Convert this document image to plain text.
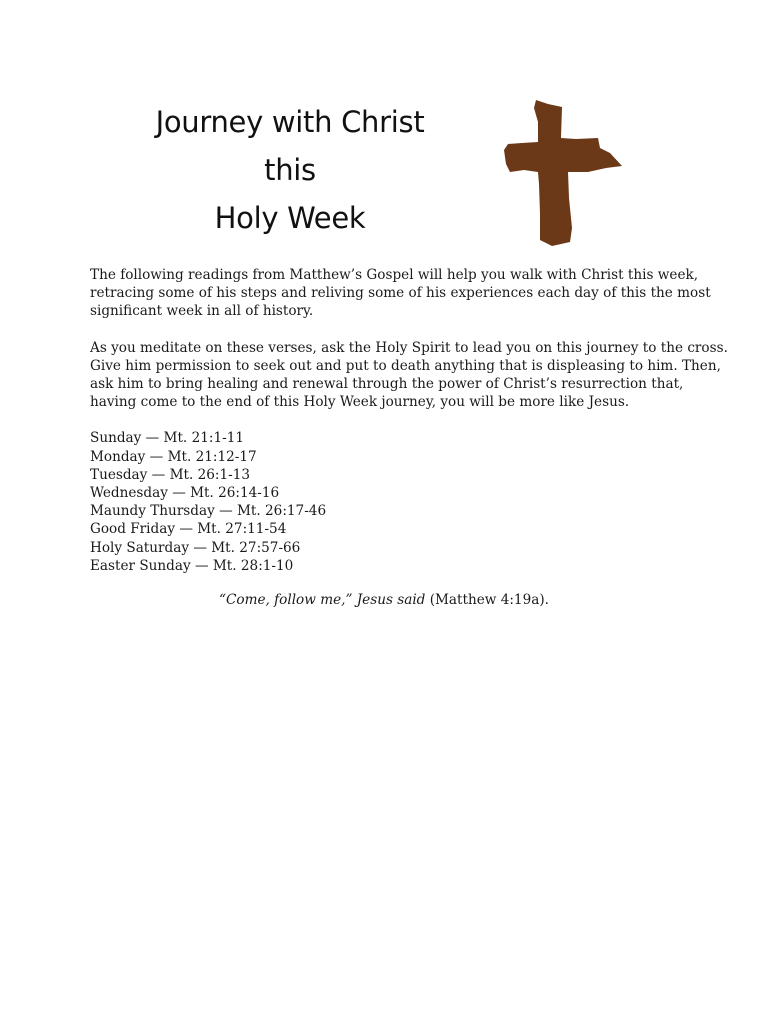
Journey with Christ
this
Holy Week

The following readings from Matthew’s Gospel will help you walk with Christ this week,
retracing some of his steps and reliving some of his experiences each day of this the most
significant week in all of history.

As you meditate on these verses, ask the Holy Spirit to lead you on this journey to the cross.
Give him permission to seek out and put to death anything that is displeasing to him. Then,
ask him to bring healing and renewal through the power of Christ’s resurrection that,
having come to the end of this Holy Week journey, you will be more like Jesus.

Sunday — Mt. 21:1-11
Monday — Mt. 21:12-17
Tuesday — Mt. 26:1-13
Wednesday — Mt. 26:14-16
Maundy Thursday — Mt. 26:17-46
Good Friday — Mt. 27:11-54
Holy Saturday — Mt. 27:57-66
Easter Sunday — Mt. 28:1-10
“Come, follow me,” Jesus said (Matthew 4:19a).
